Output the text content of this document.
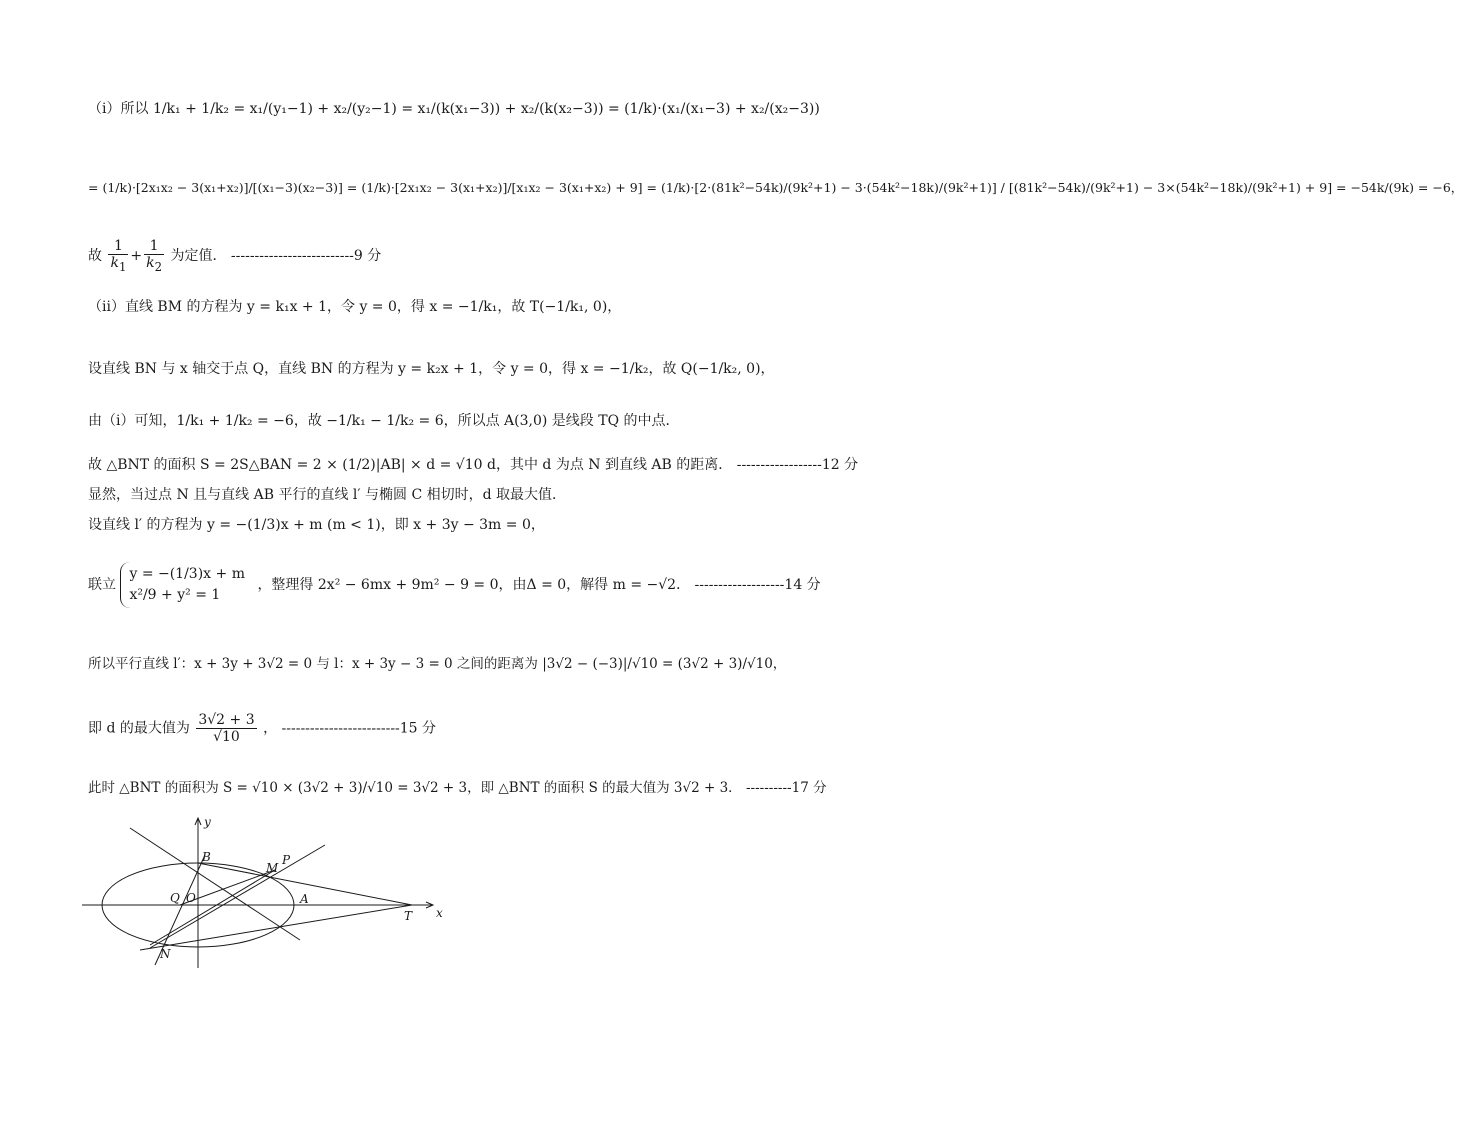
（i）所以 1/k₁ + 1/k₂ = x₁/(y₁−1) + x₂/(y₂−1) = x₁/(k(x₁−3)) + x₂/(k(x₂−3)) = (1/k)·(x₁/(x₁−3) + x₂/(x₂−3))
= (1/k)·[2x₁x₂ − 3(x₁+x₂)]/[(x₁−3)(x₂−3)] = (1/k)·[2x₁x₂ − 3(x₁+x₂)]/[x₁x₂ − 3(x₁+x₂) + 9] = (1/k)·[2·(81k²−54k)/(9k²+1) − 3·(54k²−18k)/(9k²+1)] / [(81k²−54k)/(9k²+1) − 3×(54k²−18k)/(9k²+1) + 9] = −54k/(9k) = −6，
故 $\frac{1}{k_1} + \frac{1}{k_2}$ 为定值． --------------------------9 分
（ii）直线 BM 的方程为 y = k₁x + 1，令 y = 0，得 x = −1/k₁，故 T(−1/k₁, 0)，
设直线 BN 与 x 轴交于点 Q，直线 BN 的方程为 y = k₂x + 1，令 y = 0，得 x = −1/k₂，故 Q(−1/k₂, 0)，
由（i）可知，1/k₁ + 1/k₂ = −6，故 −1/k₁ − 1/k₂ = 6，所以点 A(3,0) 是线段 TQ 的中点．
故 △BNT 的面积 S = 2S△BAN = 2 × (1/2)|AB| × d = √10 d，其中 d 为点 N 到直线 AB 的距离． ------------------12 分
显然，当过点 N 且与直线 AB 平行的直线 l′ 与椭圆 C 相切时，d 取最大值．
设直线 l′ 的方程为 y = −(1/3)x + m (m < 1)，即 x + 3y − 3m = 0，
联立
y = −(1/3)x + m
x²/9 + y² = 1
，整理得 2x² − 6mx + 9m² − 9 = 0，由Δ = 0，解得 m = −√2． -------------------14 分
所以平行直线 l′：x + 3y + 3√2 = 0 与 l：x + 3y − 3 = 0 之间的距离为 |3√2 − (−3)|/√10 = (3√2 + 3)/√10，
即 d 的最大值为 $\frac{3√2 + 3}{√10}$ ， -------------------------15 分
此时 △BNT 的面积为 S = √10 × (3√2 + 3)/√10 = 3√2 + 3，即 △BNT 的面积 S 的最大值为 3√2 + 3． ----------17 分
x
y
B
M
P
Q O	A
T
N
